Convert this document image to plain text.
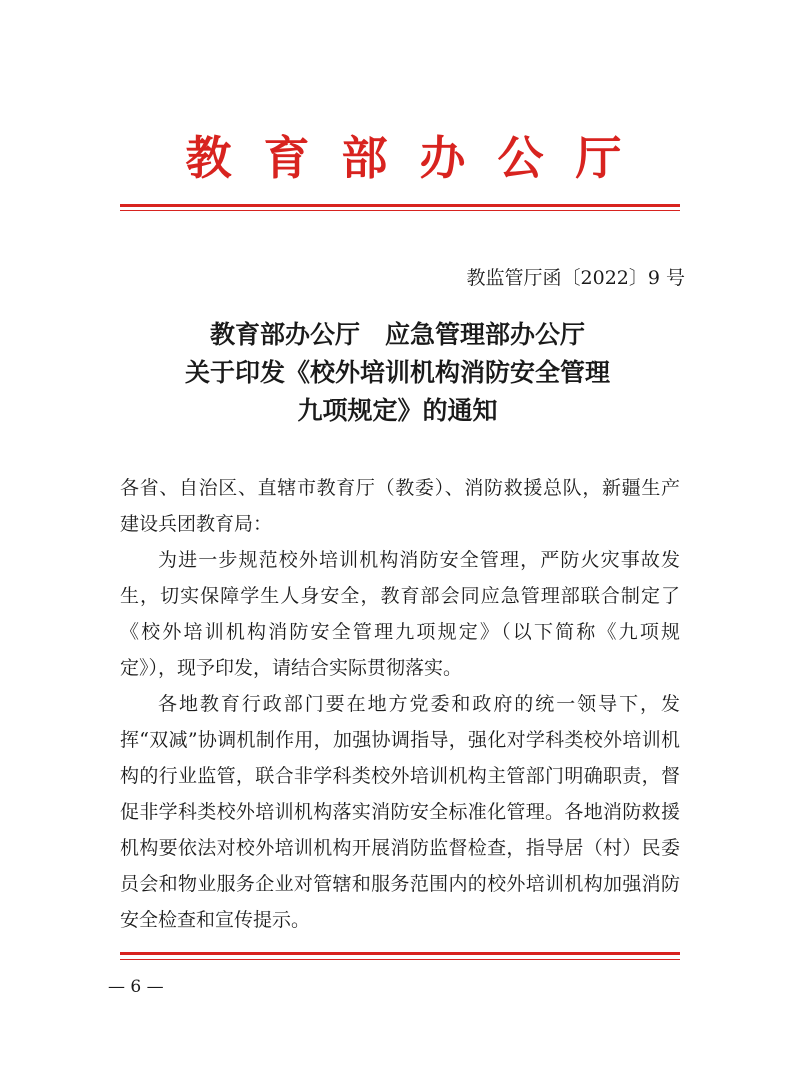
教育部办公厅
教监管厅函〔2022〕9 号
教育部办公厅　应急管理部办公厅
关于印发《校外培训机构消防安全管理
九项规定》的通知

各省、自治区、直辖市教育厅（教委）、消防救援总队，新疆生产建设兵团教育局：

为进一步规范校外培训机构消防安全管理，严防火灾事故发生，切实保障学生人身安全，教育部会同应急管理部联合制定了《校外培训机构消防安全管理九项规定》（以下简称《九项规定》），现予印发，请结合实际贯彻落实。

各地教育行政部门要在地方党委和政府的统一领导下，发挥“双减”协调机制作用，加强协调指导，强化对学科类校外培训机构的行业监管，联合非学科类校外培训机构主管部门明确职责，督促非学科类校外培训机构落实消防安全标准化管理。各地消防救援机构要依法对校外培训机构开展消防监督检查，指导居（村）民委员会和物业服务企业对管辖和服务范围内的校外培训机构加强消防安全检查和宣传提示。

— 6 —
